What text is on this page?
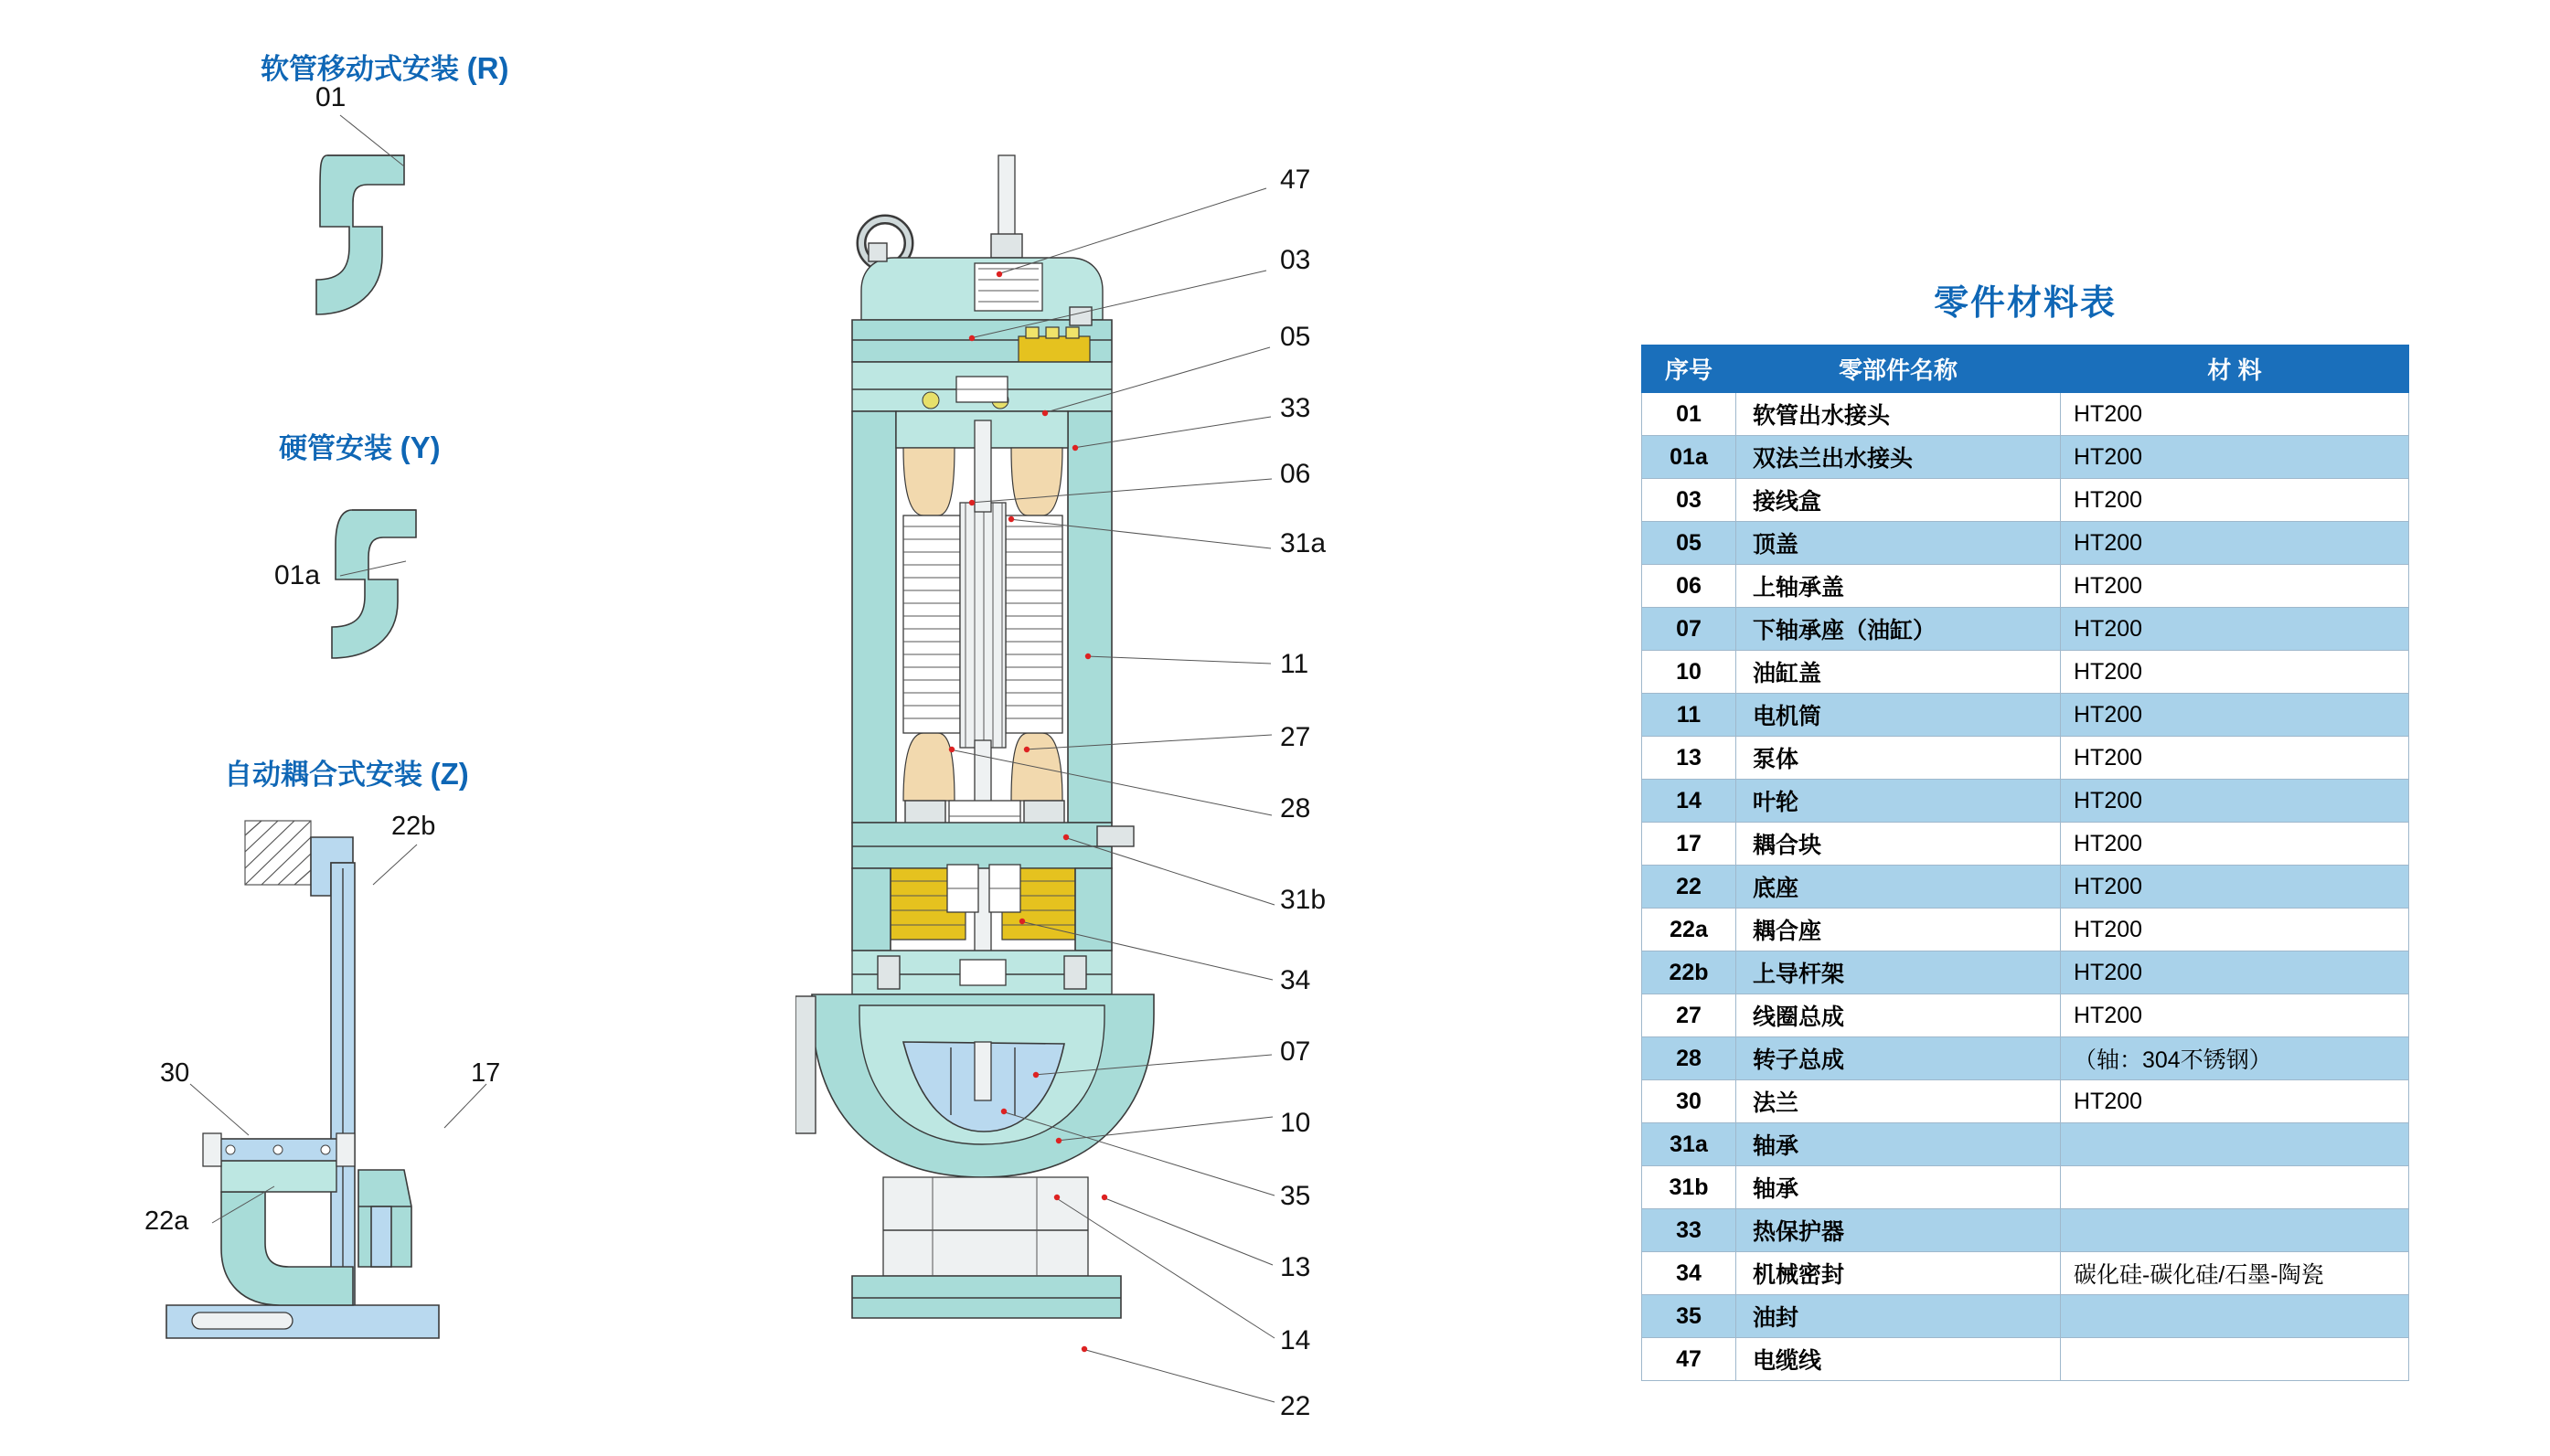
软管移动式安装 (R)
01
硬管安装 (Y)
01a
自动耦合式安装 (Z)
22b
30	17
22a
47
03
05
33
06
31a
11
27
28
31b
34
07
10
35
13
14
22
零件材料表
序号	零部件名称	材 料
01	软管出水接头	HT200
01a	双法兰出水接头	HT200
03	接线盒	HT200
05	顶盖	HT200
06	上轴承盖	HT200
07	下轴承座（油缸）	HT200
10	油缸盖	HT200
11	电机筒	HT200
13	泵体	HT200
14	叶轮	HT200
17	耦合块	HT200
22	底座	HT200
22a	耦合座	HT200
22b	上导杆架	HT200
27	线圈总成	HT200
28	转子总成	（轴：304不锈钢）
30	法兰	HT200
31a	轴承	
31b	轴承	
33	热保护器	
34	机械密封	碳化硅-碳化硅/石墨-陶瓷
35	油封	
47	电缆线	
